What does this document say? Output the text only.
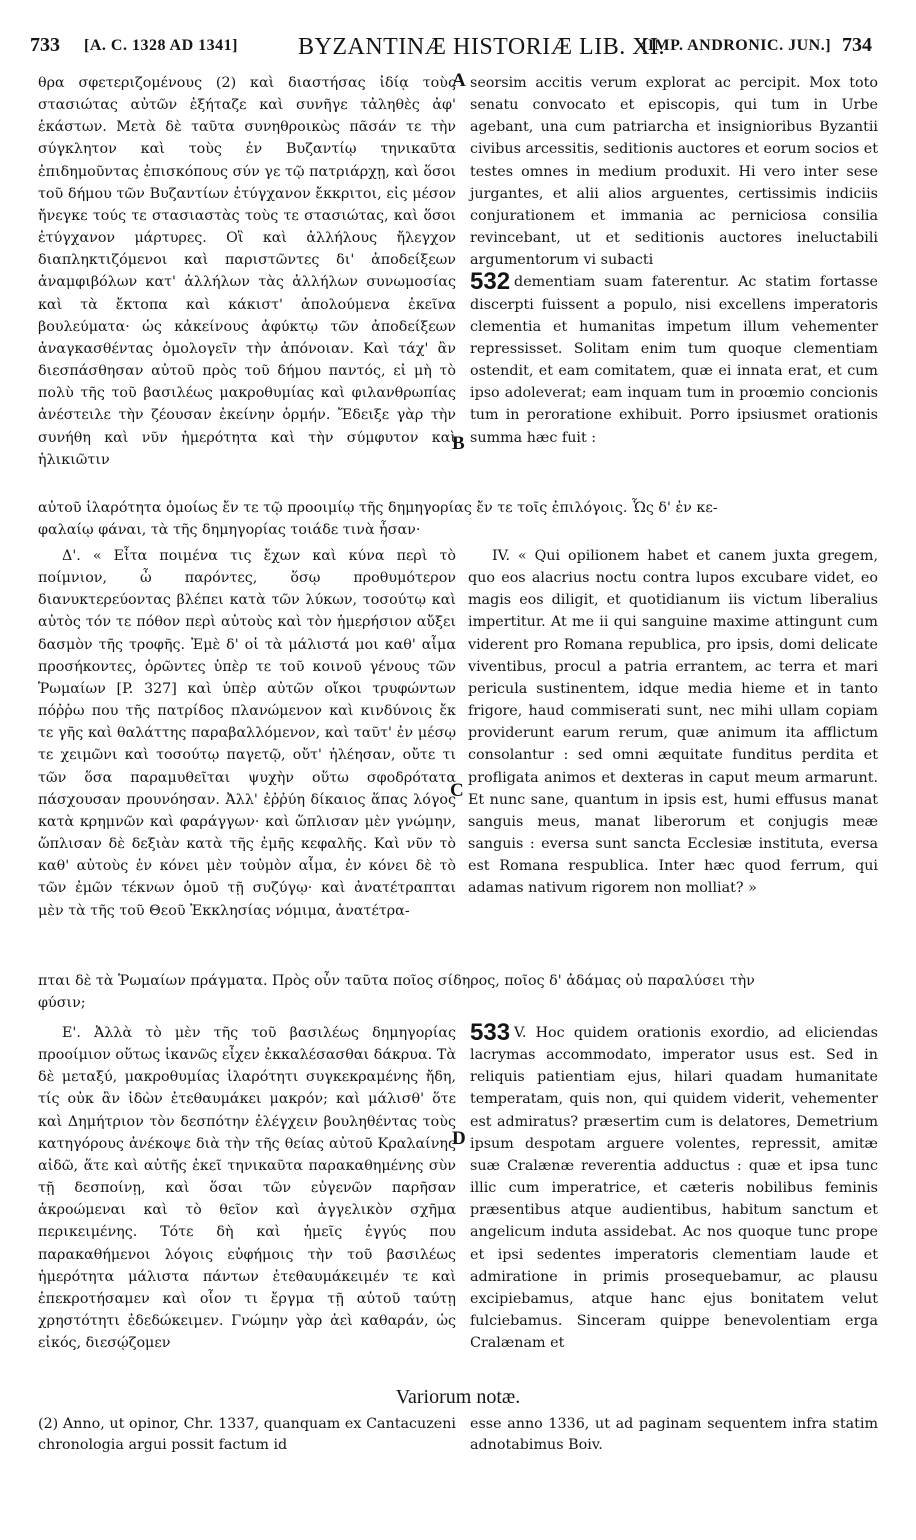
733 [A. C. 1328 AD 1341]	BYZANTINÆ HISTORIÆ LIB. XI.
[IMP. ANDRONIC. JUN.] 734

θρα σφετεριζομένους (2) καὶ διαστήσας ἰδίᾳ τοὺς στασιώτας αὐτῶν ἐξήταζε καὶ συνῆγε τἀληθὲς ἀφ' ἑκάστων. Μετὰ δὲ ταῦτα συνηθροικὼς πᾶσάν τε τὴν σύγκλητον καὶ τοὺς ἐν Βυζαντίῳ τηνικαῦτα ἐπιδημοῦντας ἐπισκόπους σύν γε τῷ πατριάρχῃ, καὶ ὅσοι τοῦ δήμου τῶν Βυζαντίων ἐτύγχανον ἔκκριτοι, εἰς μέσον ἤνεγκε τούς τε στασιαστὰς τοὺς τε στασιώτας, καὶ ὅσοι ἐτύγχανον μάρτυρες. Οἳ καὶ ἀλλήλους ἤλεγχον διαπληκτιζόμενοι καὶ παριστῶντες δι' ἀποδείξεων ἀναμφιβόλων κατ' ἀλλήλων τὰς ἀλλήλων συνωμοσίας καὶ τὰ ἔκτοπα καὶ κάκιστ' ἀπολούμενα ἐκεῖνα βουλεύματα· ὡς κἀκείνους ἀφύκτῳ τῶν ἀποδείξεων ἀναγκασθέντας ὁμολογεῖν τὴν ἀπόνοιαν. Καὶ τάχ' ἂν διεσπάσθησαν αὐτοῦ πρὸς τοῦ δήμου παντός, εἰ μὴ τὸ πολὺ τῆς τοῦ βασιλέως μακροθυμίας καὶ φιλανθρωπίας ἀνέστειλε τὴν ζέουσαν ἐκείνην ὁρμήν. Ἔδειξε γὰρ τὴν συνήθη καὶ νῦν ἡμερότητα καὶ τὴν σύμφυτον καὶ ἡλικιῶτιν

A seorsim accitis verum explorat ac percipit. Mox toto senatu convocato et episcopis, qui tum in Urbe agebant, una cum patriarcha et insignioribus Byzantii civibus arcessitis, seditionis auctores et eorum socios et testes omnes in medium produxit. Hi vero inter sese jurgantes, et alii alios arguentes, certissimis indiciis conjurationem et immania ac perniciosa consilia revincebant, ut et seditionis auctores ineluctabili argumentorum vi subacti

532 dementiam suam faterentur. Ac statim fortasse discerpti fuissent a populo, nisi excellens imperatoris clementia et humanitas impetum illum vehementer repressisset. Solitam enim tum quoque clementiam ostendit, et eam comitatem, quæ ei innata erat, et cum ipso adoleverat; eam inquam tum in proœmio concionis tum in peroratione exhibuit. Porro ipsiusmet orationis summa hæc fuit :

B
αὐτοῦ ἱλαρότητα ὁμοίως ἔν τε τῷ προοιμίῳ τῆς δημηγορίας ἔν τε τοῖς ἐπιλόγοις. Ὧς δ' ἐν κε-
φαλαίῳ φάναι, τὰ τῆς δημηγορίας τοιάδε τινὰ ἦσαν·

Δ'. « Εἶτα ποιμένα τις ἔχων καὶ κύνα περὶ τὸ ποίμνιον, ὦ παρόντες, ὅσῳ προθυμότερον διανυκτερεύοντας βλέπει κατὰ τῶν λύκων, τοσούτῳ καὶ αὐτὸς τόν τε πόθον περὶ αὐτοὺς καὶ τὸν ἡμερήσιον αὔξει δασμὸν τῆς τροφῆς. Ἐμὲ δ' οἱ τὰ μάλιστά μοι καθ' αἷμα προσήκοντες, ὁρῶντες ὑπὲρ τε τοῦ κοινοῦ γένους τῶν Ῥωμαίων [P. 327] καὶ ὑπὲρ αὐτῶν οἴκοι τρυφώντων πόῤῥω που τῆς πατρίδος πλανώμενον καὶ κινδύνοις ἔκ τε γῆς καὶ θαλάττης παραβαλλόμενον, καὶ ταῦτ' ἐν μέσῳ τε χειμῶνι καὶ τοσούτῳ παγετῷ, οὔτ' ἠλέησαν, οὔτε τι τῶν ὅσα παραμυθεῖται ψυχὴν οὕτω σφοδρότατα πάσχουσαν προυνόησαν. Ἀλλ' ἐῤῥύη δίκαιος ἅπας λόγος κατὰ κρημνῶν καὶ φαράγγων· καὶ ὥπλισαν μὲν γνώμην, ὥπλισαν δὲ δεξιὰν κατὰ τῆς ἐμῆς κεφαλῆς. Καὶ νῦν τὸ καθ' αὐτοὺς ἐν κόνει μὲν τοὐμὸν αἷμα, ἐν κόνει δὲ τὸ τῶν ἐμῶν τέκνων ὁμοῦ τῇ συζύγῳ· καὶ ἀνατέτραπται μὲν τὰ τῆς τοῦ Θεοῦ Ἐκκλησίας νόμιμα, ἀνατέτρα-

IV. « Qui opilionem habet et canem juxta gregem, quo eos alacrius noctu contra lupos excubare videt, eo magis eos diligit, et quotidianum iis victum liberalius impertitur. At me ii qui sanguine maxime attingunt cum viderent pro Romana republica, pro ipsis, domi delicate viventibus, procul a patria errantem, ac terra et mari pericula sustinentem, idque media hieme et in tanto frigore, haud commiserati sunt, nec mihi ullam copiam providerunt earum rerum, quæ animum ita afflictum consolantur : sed omni æquitate funditus perdita et profligata animos et dexteras in caput meum armarunt. Et nunc sane, quantum in ipsis est, humi effusus manat sanguis meus, manat liberorum et conjugis meæ sanguis : eversa sunt sancta Ecclesiæ instituta, eversa est Romana respublica. Inter hæc quod ferrum, qui adamas nativum rigorem non molliat? »

C
πται δὲ τὰ Ῥωμαίων πράγματα. Πρὸς οὖν ταῦτα ποῖος σίδηρος, ποῖος δ' ἀδάμας οὐ παραλύσει τὴν
φύσιν;

Ε'. Ἀλλὰ τὸ μὲν τῆς τοῦ βασιλέως δημηγορίας προοίμιον οὕτως ἱκανῶς εἶχεν ἐκκαλέσασθαι δάκρυα. Τὰ δὲ μεταξύ, μακροθυμίας ἱλαρότητι συγκεκραμένης ἤδη, τίς οὐκ ἂν ἰδὼν ἐτεθαυμάκει μακρόν; καὶ μάλισθ' ὅτε καὶ Δημήτριον τὸν δεσπότην ἐλέγχειν βουληθέντας τοὺς κατηγόρους ἀνέκοψε διὰ τὴν τῆς θείας αὐτοῦ Κραλαίνης αἰδῶ, ἅτε καὶ αὐτῆς ἐκεῖ τηνικαῦτα παρακαθημένης σὺν τῇ δεσποίνῃ, καὶ ὅσαι τῶν εὐγενῶν παρῆσαν ἀκροώμεναι καὶ τὸ θεῖον καὶ ἀγγελικὸν σχῆμα περικειμένης. Τότε δὴ καὶ ἡμεῖς ἐγγύς που παρακαθήμενοι λόγοις εὐφήμοις τὴν τοῦ βασιλέως ἡμερότητα μάλιστα πάντων ἐτεθαυμάκειμέν τε καὶ ἐπεκροτήσαμεν καὶ οἷον τι ἔργμα τῇ αὐτοῦ ταύτῃ χρηστότητι ἐδεδώκειμεν. Γνώμην γὰρ ἀεὶ καθαράν, ὡς εἰκός, διεσῴζομεν

D

533 V. Hoc quidem orationis exordio, ad eliciendas lacrymas accommodato, imperator usus est. Sed in reliquis patientiam ejus, hilari quadam humanitate temperatam, quis non, qui quidem viderit, vehementer est admiratus? præsertim cum is delatores, Demetrium ipsum despotam arguere volentes, repressit, amitæ suæ Cralænæ reverentia adductus : quæ et ipsa tunc illic cum imperatrice, et cæteris nobilibus feminis præsentibus atque audientibus, habitum sanctum et angelicum induta assidebat. Ac nos quoque tunc prope et ipsi sedentes imperatoris clementiam laude et admiratione in primis prosequebamur, ac plausu excipiebamus, atque hanc ejus bonitatem velut fulciebamus. Sinceram quippe benevolentiam erga Cralænam et

Variorum notæ.

(2) Anno, ut opinor, Chr. 1337, quanquam ex Cantacuzeni chronologia argui possit factum id

esse anno 1336, ut ad paginam sequentem infra statim adnotabimus Boiv.
